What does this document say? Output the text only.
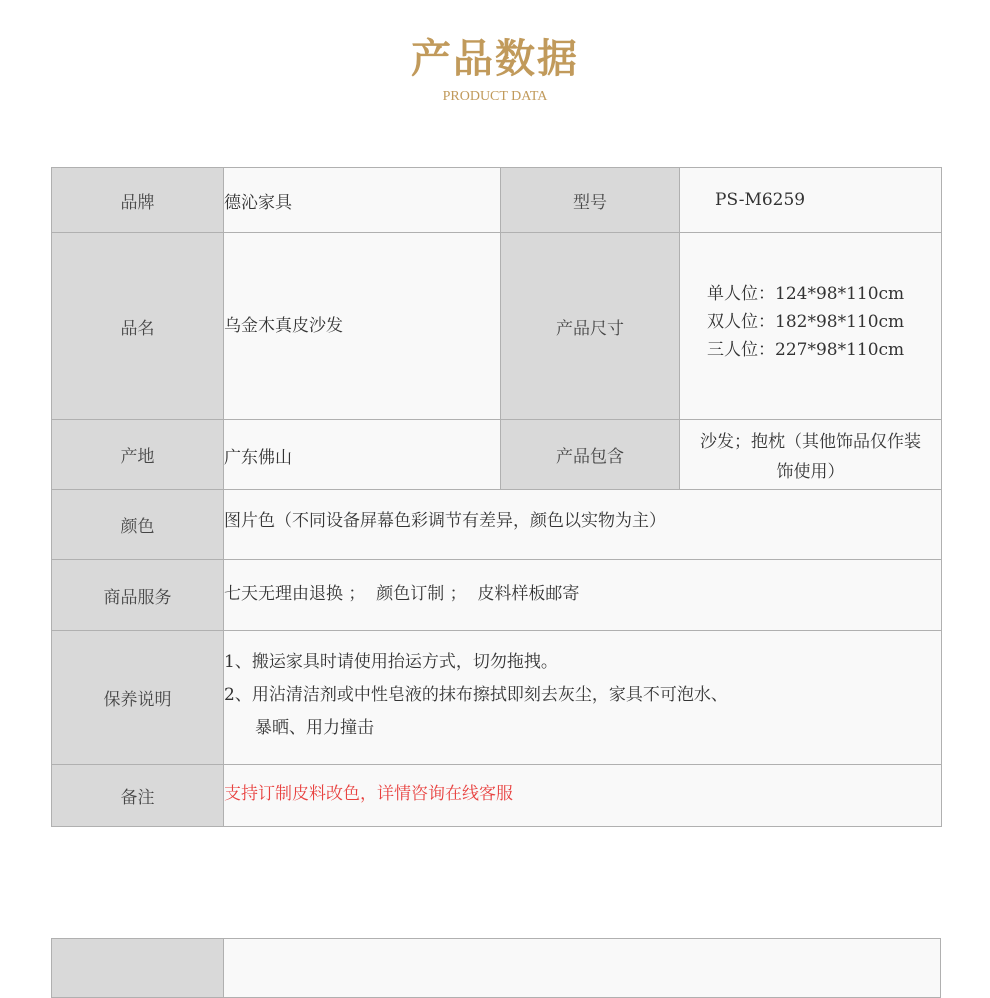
产品数据
PRODUCT DATA
品牌	德沁家具	型号	PS-M6259
品名	乌金木真皮沙发	产品尺寸	单人位：124*98*110cm
双人位：182*98*110cm
三人位：227*98*110cm

产地	广东佛山	产品包含	沙发；抱枕（其他饰品仅作装
饰使用）

颜色	图片色（不同设备屏幕色彩调节有差异，颜色以实物为主）		
商品服务	七天无理由退换 ；  颜色订制 ；  皮料样板邮寄		
保养说明	1、搬运家具时请使用抬运方式，切勿拖拽。
2、用沾清洁剂或中性皂液的抹布擦拭即刻去灰尘，家具不可泡水、
暴晒、用力撞击		

备注	支持订制皮料改色，详情咨询在线客服		
